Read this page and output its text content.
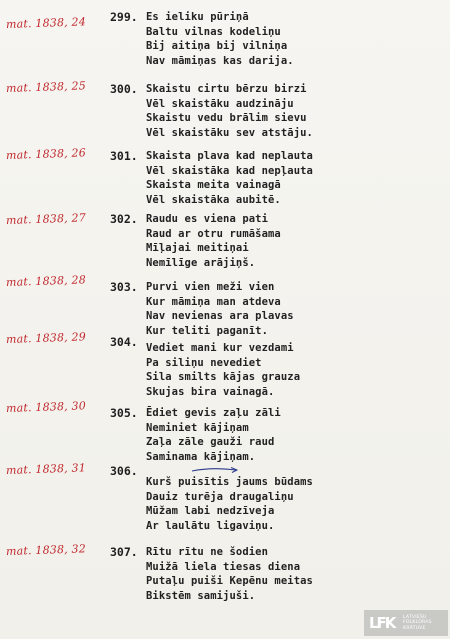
mat. 1838, 24	299. Es ieliku pūriņā
Baltu vilnas kodeliņu
Bij aitiņa bij vilniņa
Nav māmiņas kas darija.
mat. 1838, 25	300. Skaistu cirtu bērzu birzi
Vēl skaistāku audzināju
Skaistu vedu brālim sievu
Vēl skaistāku sev atstāju.
mat. 1838, 26	301. Skaista plava kad neplauta
Vēl skaistāka kad nepļauta
Skaista meita vainagā
Vēl skaistāka aubitē.
mat. 1838, 27	302. Raudu es viena pati
Raud ar otru rumāšama
Mīļajai meitiņai
Nemīlīge arājiņš.
mat. 1838, 28	303. Purvi vien meži vien
Kur māmiņa man atdeva
Nav nevienas ara plavas
Kur teliti paganīt.
mat. 1838, 29	304. Vediet mani kur vezdami
Pa siliņu nevediet
Sila smilts kājas grauza
Skujas bira vainagā.
mat. 1838, 30	305. Ēdiet gevis zaļu zāli
Neminiet kājiņam
Zaļa zāle gauži raud
Saminama kājiņam.
mat. 1838, 31	306.
Kurš puisītis jaums būdams
Dauiz turēja draugaliņu
Mūžam labi nedzīveja
Ar laulātu ligaviņu.
mat. 1838, 32	307. Rītu rītu ne šodien
Muižā liela tiesas diena
Putaļu puiši Kepēnu meitas
Bikstēm samijuši.
LFK	LATVIEŠU
FOLKLORAS
KRĀTUVE
